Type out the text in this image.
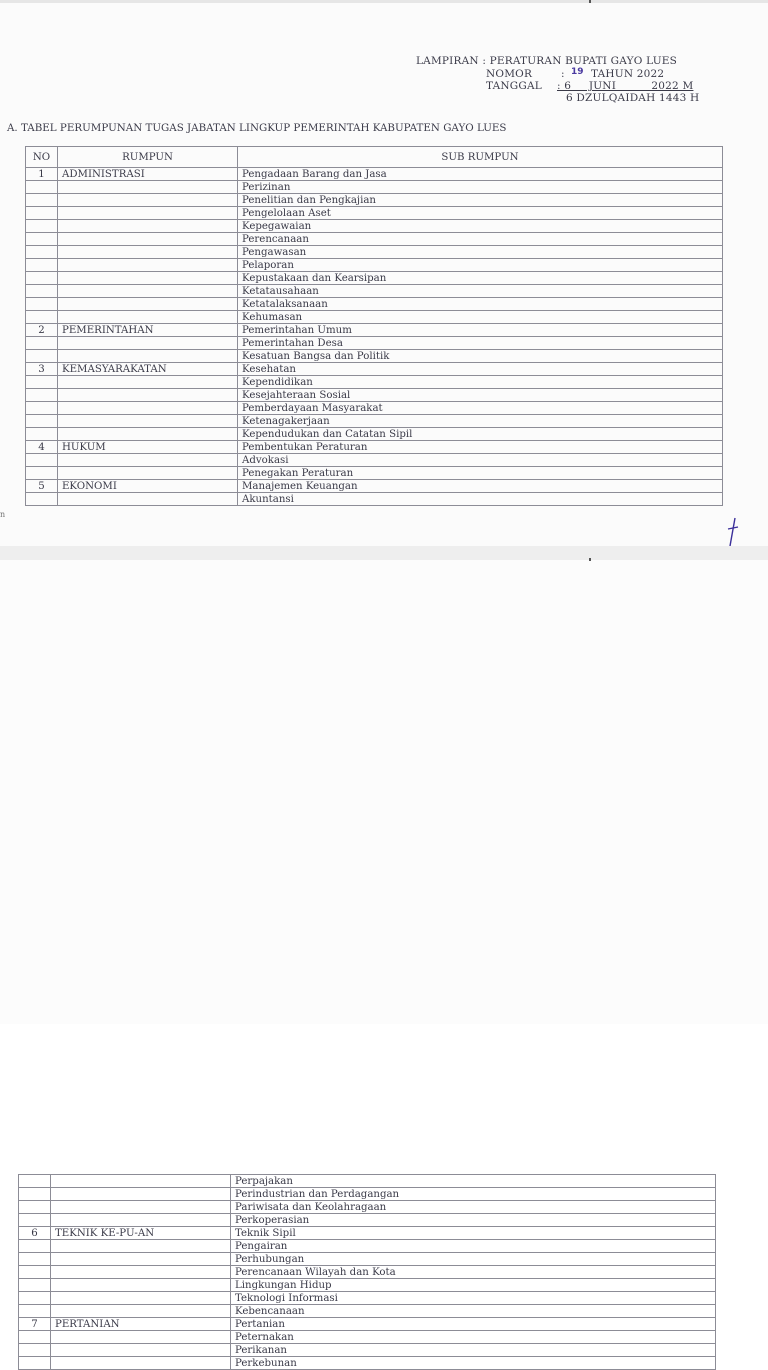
LAMPIRAN : PERATURAN BUPATI GAYO LUES
NOMOR	: 19 TAHUN 2022
TANGGAL : 6     JUNI          2022 M
6 DZULQAIDAH 1443 H
A. TABEL PERUMPUNAN TUGAS JABATAN LINGKUP PEMERINTAH KABUPATEN GAYO LUES
NO	RUMPUN	SUB RUMPUN
1	ADMINISTRASI	Pengadaan Barang dan Jasa
		Perizinan
		Penelitian dan Pengkajian
		Pengelolaan Aset
		Kepegawaian
		Perencanaan
		Pengawasan
		Pelaporan
		Kepustakaan dan Kearsipan
		Ketatausahaan
		Ketatalaksanaan
		Kehumasan
2	PEMERINTAHAN	Pemerintahan Umum
		Pemerintahan Desa
		Kesatuan Bangsa dan Politik
3	KEMASYARAKATAN	Kesehatan
		Kependidikan
		Kesejahteraan Sosial
		Pemberdayaan Masyarakat
		Ketenagakerjaan
		Kependudukan dan Catatan Sipil
4	HUKUM	Pembentukan Peraturan
		Advokasi
		Penegakan Peraturan
5	EKONOMI	Manajemen Keuangan
		Akuntansi
n
		Perpajakan
		Perindustrian dan Perdagangan
		Pariwisata dan Keolahragaan
		Perkoperasian
6	TEKNIK KE-PU-AN	Teknik Sipil
		Pengairan
		Perhubungan
		Perencanaan Wilayah dan Kota
		Lingkungan Hidup
		Teknologi Informasi
		Kebencanaan
7	PERTANIAN	Pertanian
		Peternakan
		Perikanan
		Perkebunan
